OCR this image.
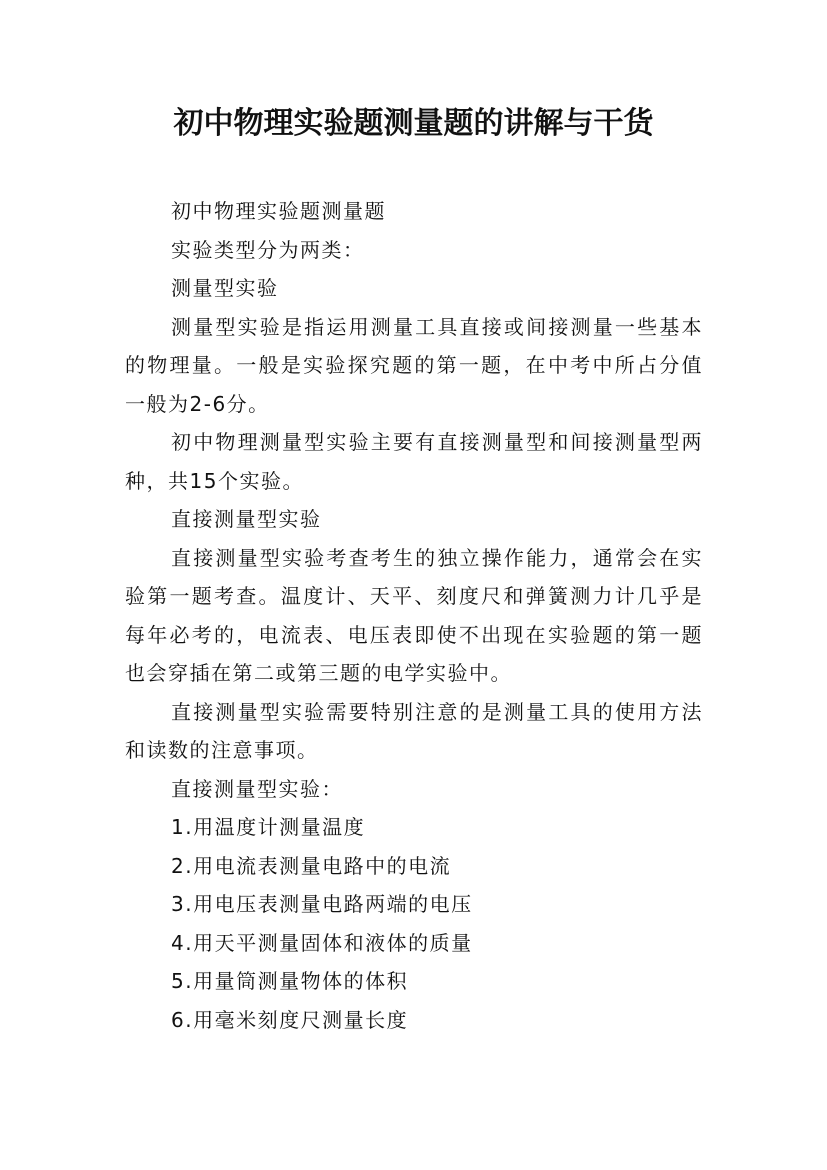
初中物理实验题测量题的讲解与干货

初中物理实验题测量题

实验类型分为两类：

测量型实验

测量型实验是指运用测量工具直接或间接测量一些基本的物理量。一般是实验探究题的第一题，在中考中所占分值一般为2-6分。

初中物理测量型实验主要有直接测量型和间接测量型两种，共15个实验。

直接测量型实验

直接测量型实验考查考生的独立操作能力，通常会在实验第一题考查。温度计、天平、刻度尺和弹簧测力计几乎是每年必考的，电流表、电压表即使不出现在实验题的第一题也会穿插在第二或第三题的电学实验中。

直接测量型实验需要特别注意的是测量工具的使用方法和读数的注意事项。

直接测量型实验：

1.用温度计测量温度

2.用电流表测量电路中的电流

3.用电压表测量电路两端的电压

4.用天平测量固体和液体的质量

5.用量筒测量物体的体积

6.用毫米刻度尺测量长度
